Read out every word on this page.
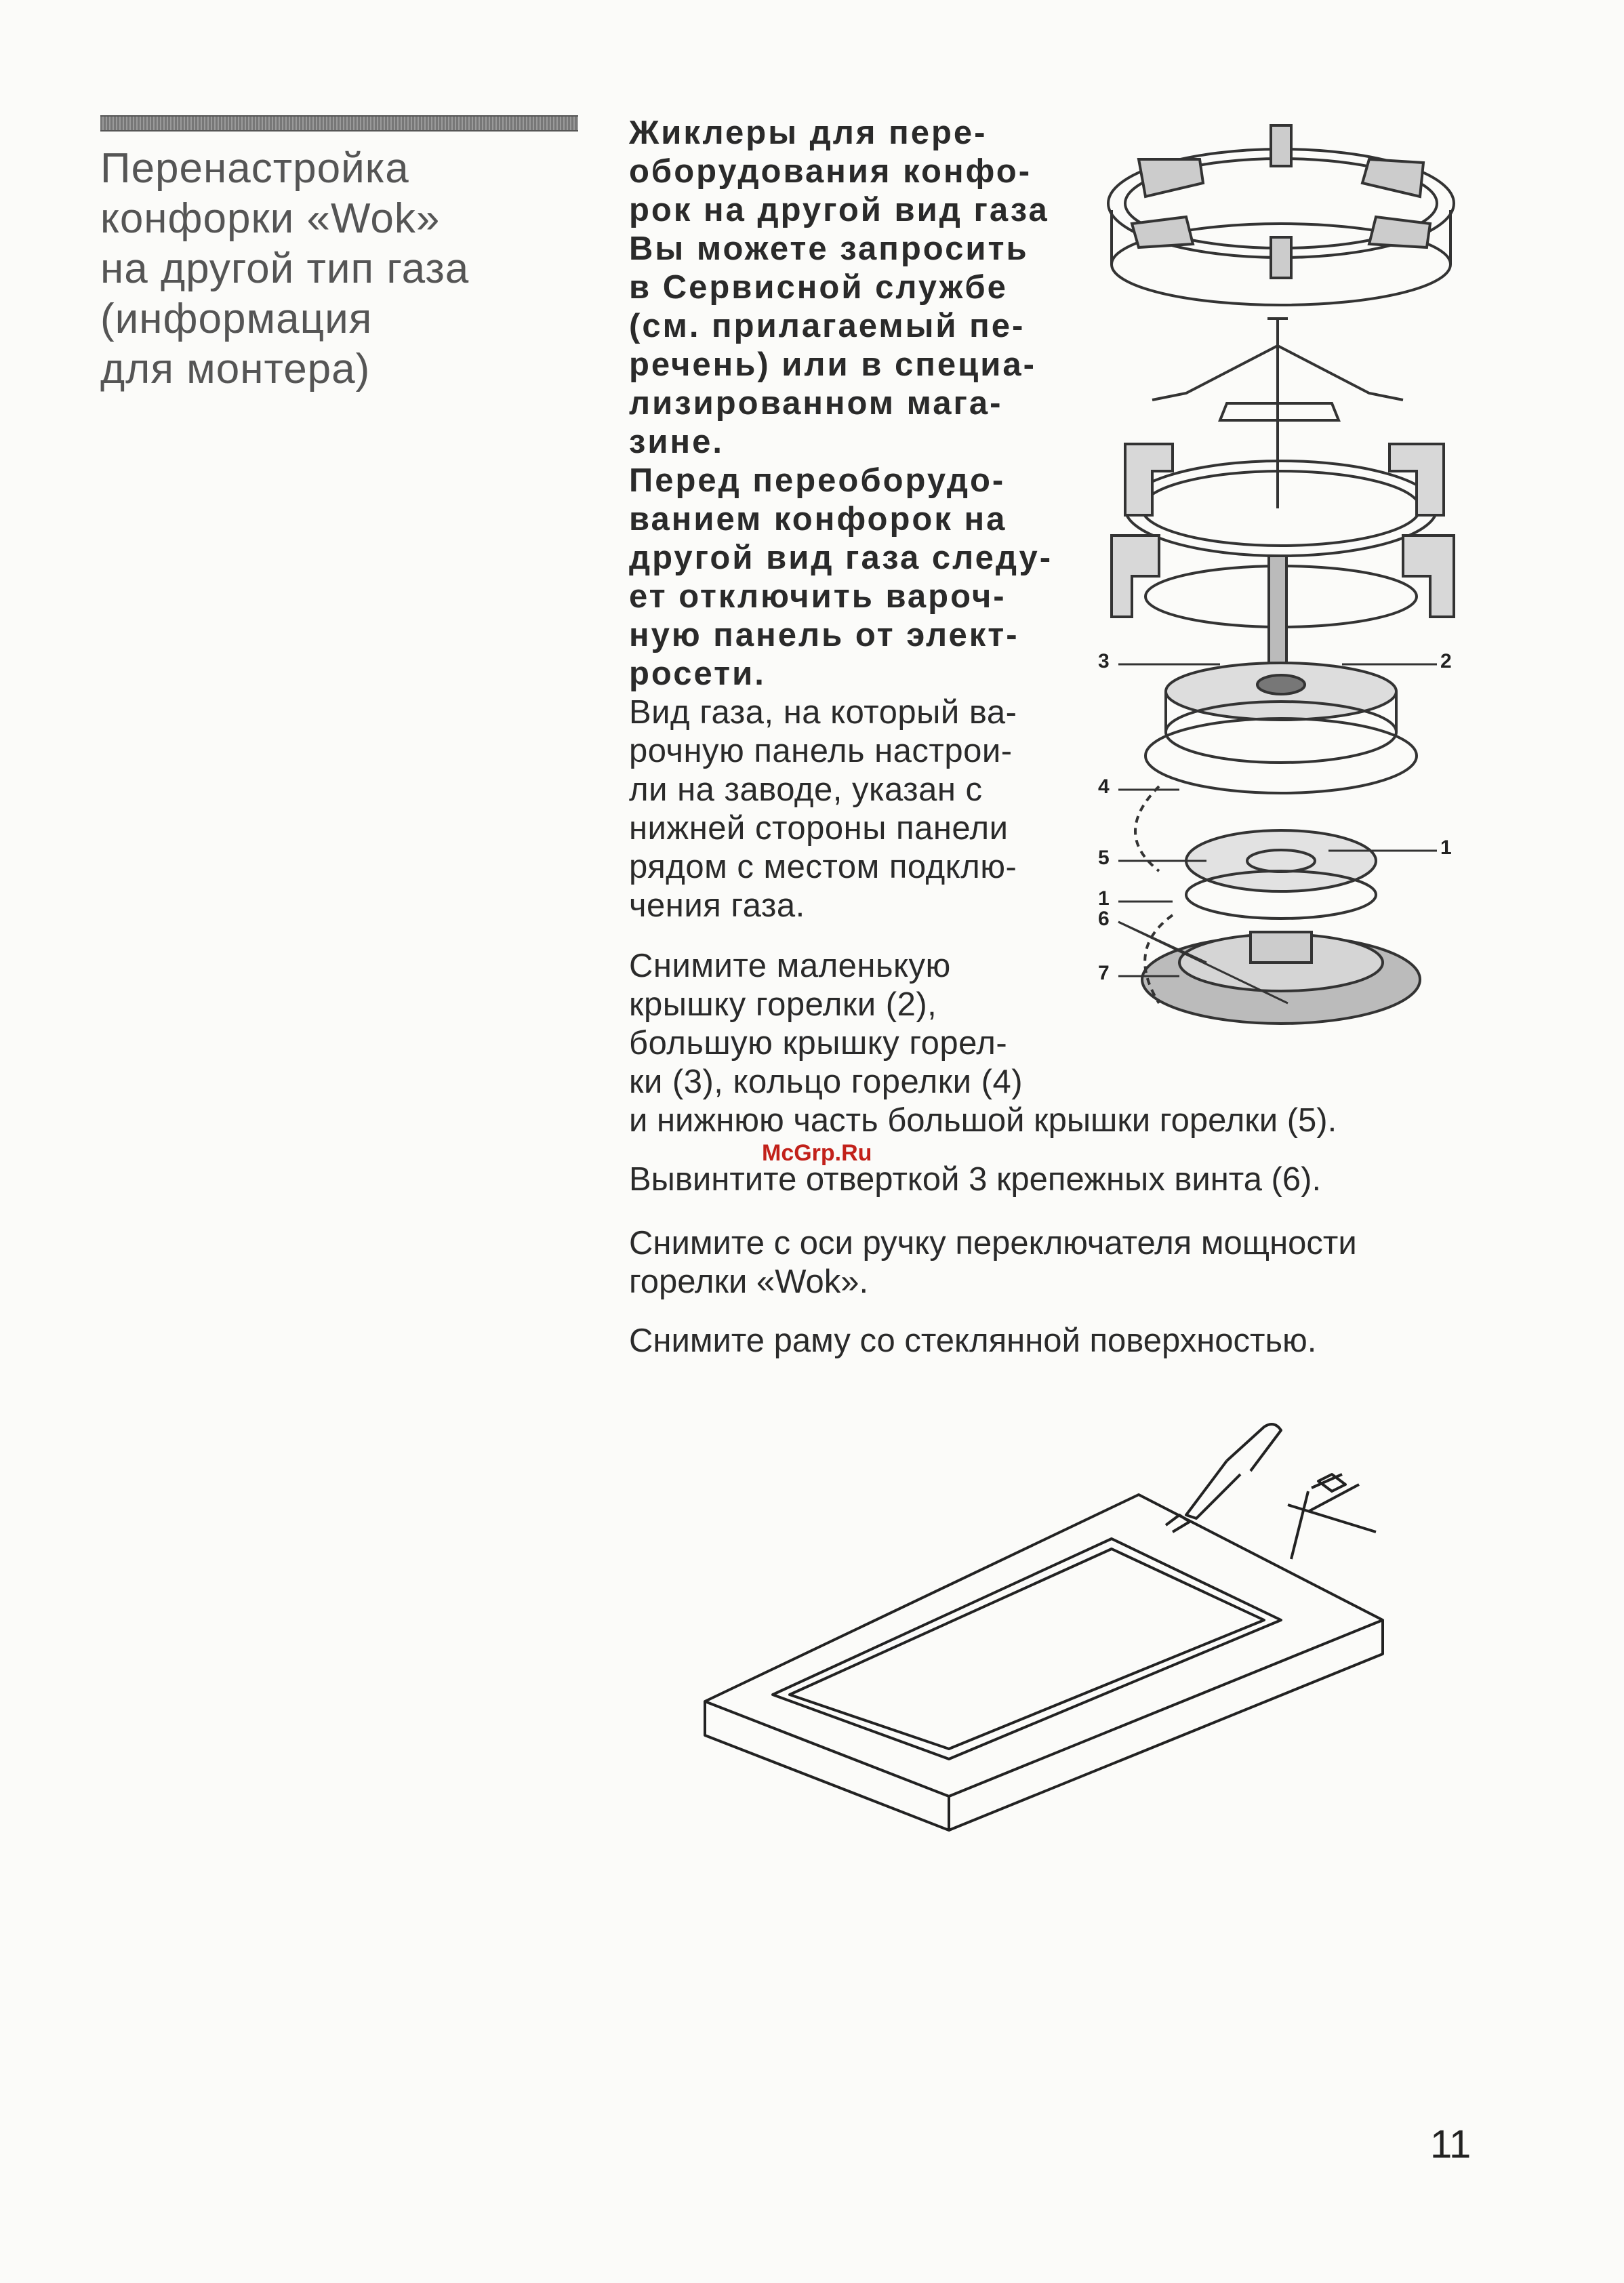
Перенастройка
конфорки «Wok»
на другой тип газа
(информация
для монтера)

Жиклеры для пере-
оборудования конфо-
рок на другой вид газа
Вы можете запросить
в Сервисной службе
(см. прилагаемый пе-
речень) или в специа-
лизированном мага-
зине.

Перед переоборудо-
ванием конфорок на
другой вид газа следу-
ет отключить вароч-
ную панель от элект-
росети.

Вид газа, на который ва-
рочную панель настрои-
ли на заводе, указан с
нижней стороны панели
рядом с местом подклю-
чения газа.

Снимите маленькую
крышку горелки (2),
большую крышку горел-
ки (3), кольцо горелки (4)

и нижнюю часть большой крышки горелки (5).

McGrp.Ru

Вывинтите отверткой 3 крепежных винта (6).

Снимите с оси ручку переключателя мощности
горелки «Wok».

Снимите раму со стеклянной поверхностью.

3	2
4
5	1
1
6
7
11
